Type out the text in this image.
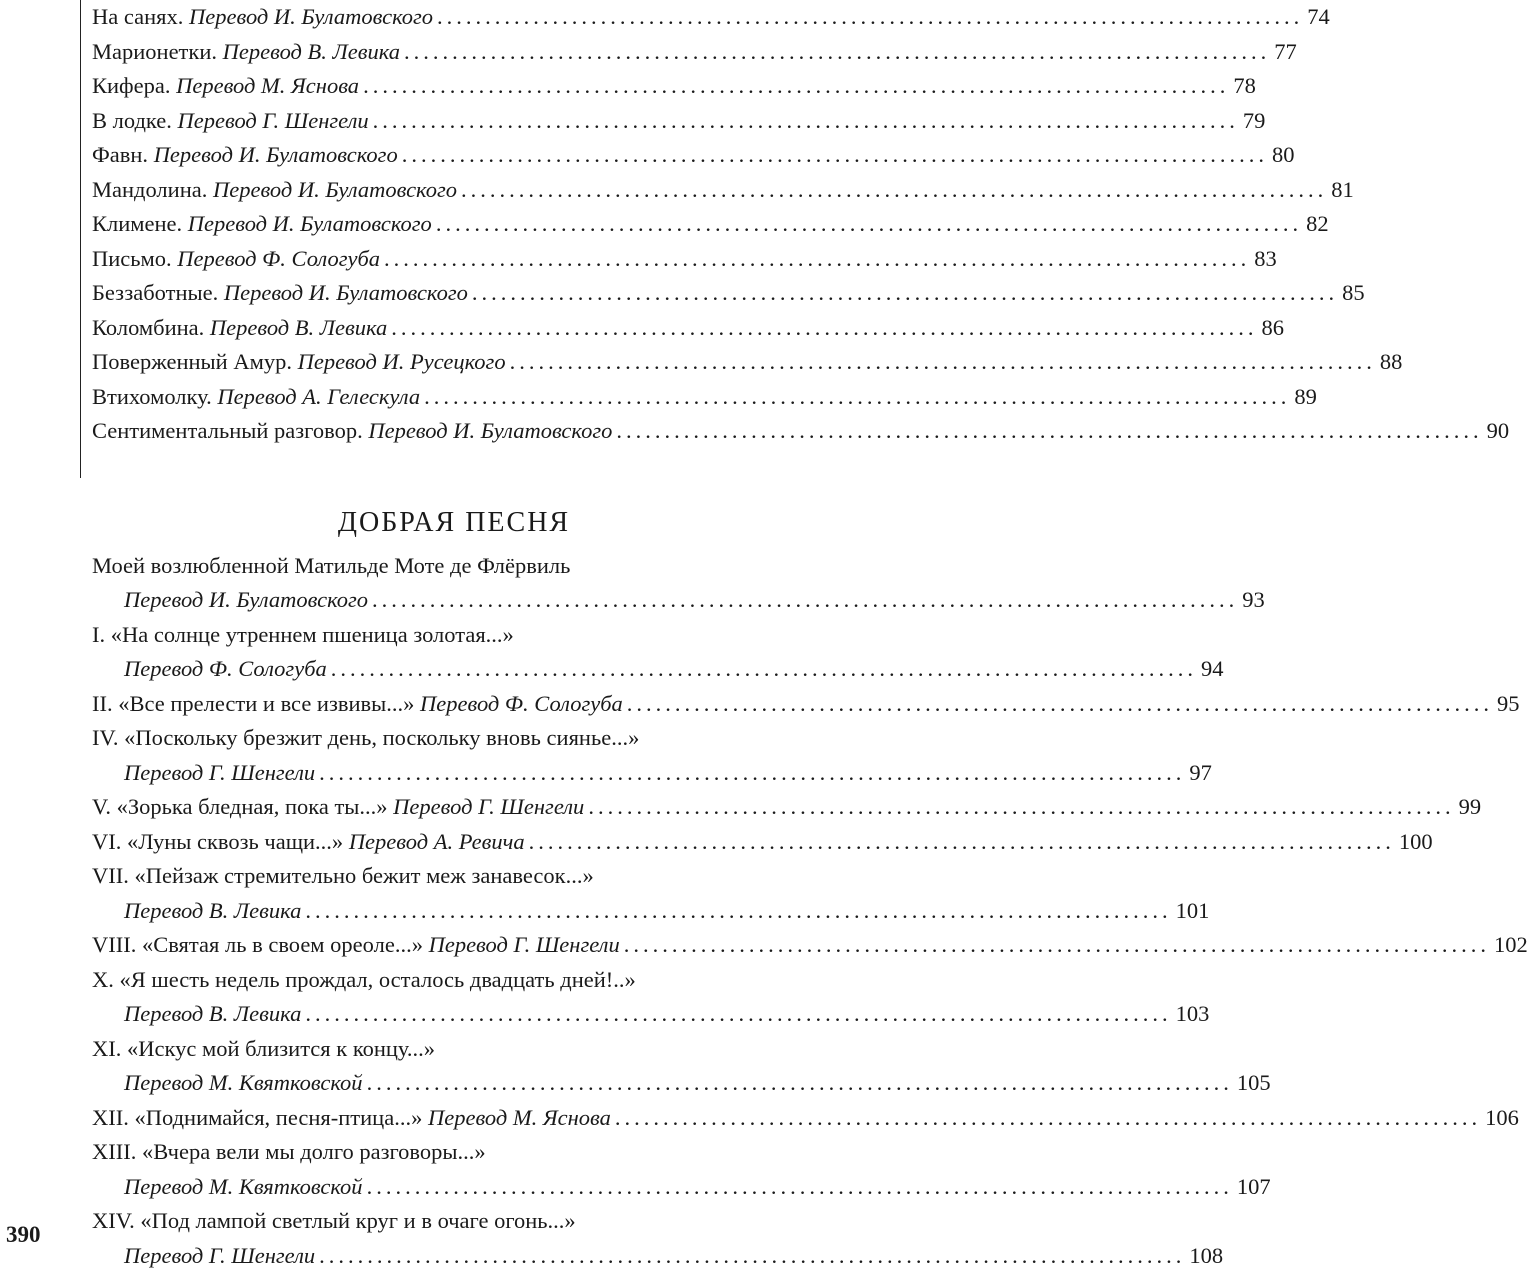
На санях.
Перевод И. Булатовского .......................................................................................... 74
Марионетки.
Перевод В. Левика .......................................................................................... 77
Кифера.
Перевод М. Яснова .......................................................................................... 78
В лодке.
Перевод Г. Шенгели .......................................................................................... 79
Фавн.
Перевод И. Булатовского .......................................................................................... 80
Мандолина.
Перевод И. Булатовского .......................................................................................... 81
Климене.
Перевод И. Булатовского .......................................................................................... 82
Письмо.
Перевод Ф. Сологуба .......................................................................................... 83
Беззаботные.
Перевод И. Булатовского .......................................................................................... 85
Коломбина.
Перевод В. Левика .......................................................................................... 86
Поверженный Амур.
Перевод И. Русецкого .......................................................................................... 88
Втихомолку.
Перевод А. Гелескула .......................................................................................... 89
Сентиментальный разговор.
Перевод И. Булатовского .......................................................................................... 90
ДОБРАЯ ПЕСНЯ
Моей возлюбленной Матильде Моте де Флёрвиль
Перевод И. Булатовского .......................................................................................... 93
I. «На солнце утреннем пшеница золотая...»
Перевод Ф. Сологуба .......................................................................................... 94
II. «Все прелести и все извивы...»
Перевод Ф. Сологуба .......................................................................................... 95
IV. «Поскольку брезжит день, поскольку вновь сиянье...»
Перевод Г. Шенгели .......................................................................................... 97
V. «Зорька бледная, пока ты...»
Перевод Г. Шенгели .......................................................................................... 99
VI. «Луны сквозь чащи...»
Перевод А. Ревича .......................................................................................... 100
VII. «Пейзаж стремительно бежит меж занавесок...»
Перевод В. Левика .......................................................................................... 101
VIII. «Святая ль в своем ореоле...»
Перевод Г. Шенгели .......................................................................................... 102
X. «Я шесть недель прождал, осталось двадцать дней!..»
Перевод В. Левика .......................................................................................... 103
XI. «Искус мой близится к концу...»
Перевод М. Квятковской .......................................................................................... 105
XII. «Поднимайся, песня-птица...»
Перевод М. Яснова .......................................................................................... 106
XIII. «Вчера вели мы долго разговоры...»
Перевод М. Квятковской .......................................................................................... 107
XIV. «Под лампой светлый круг и в очаге огонь...»
Перевод Г. Шенгели .......................................................................................... 108
390
